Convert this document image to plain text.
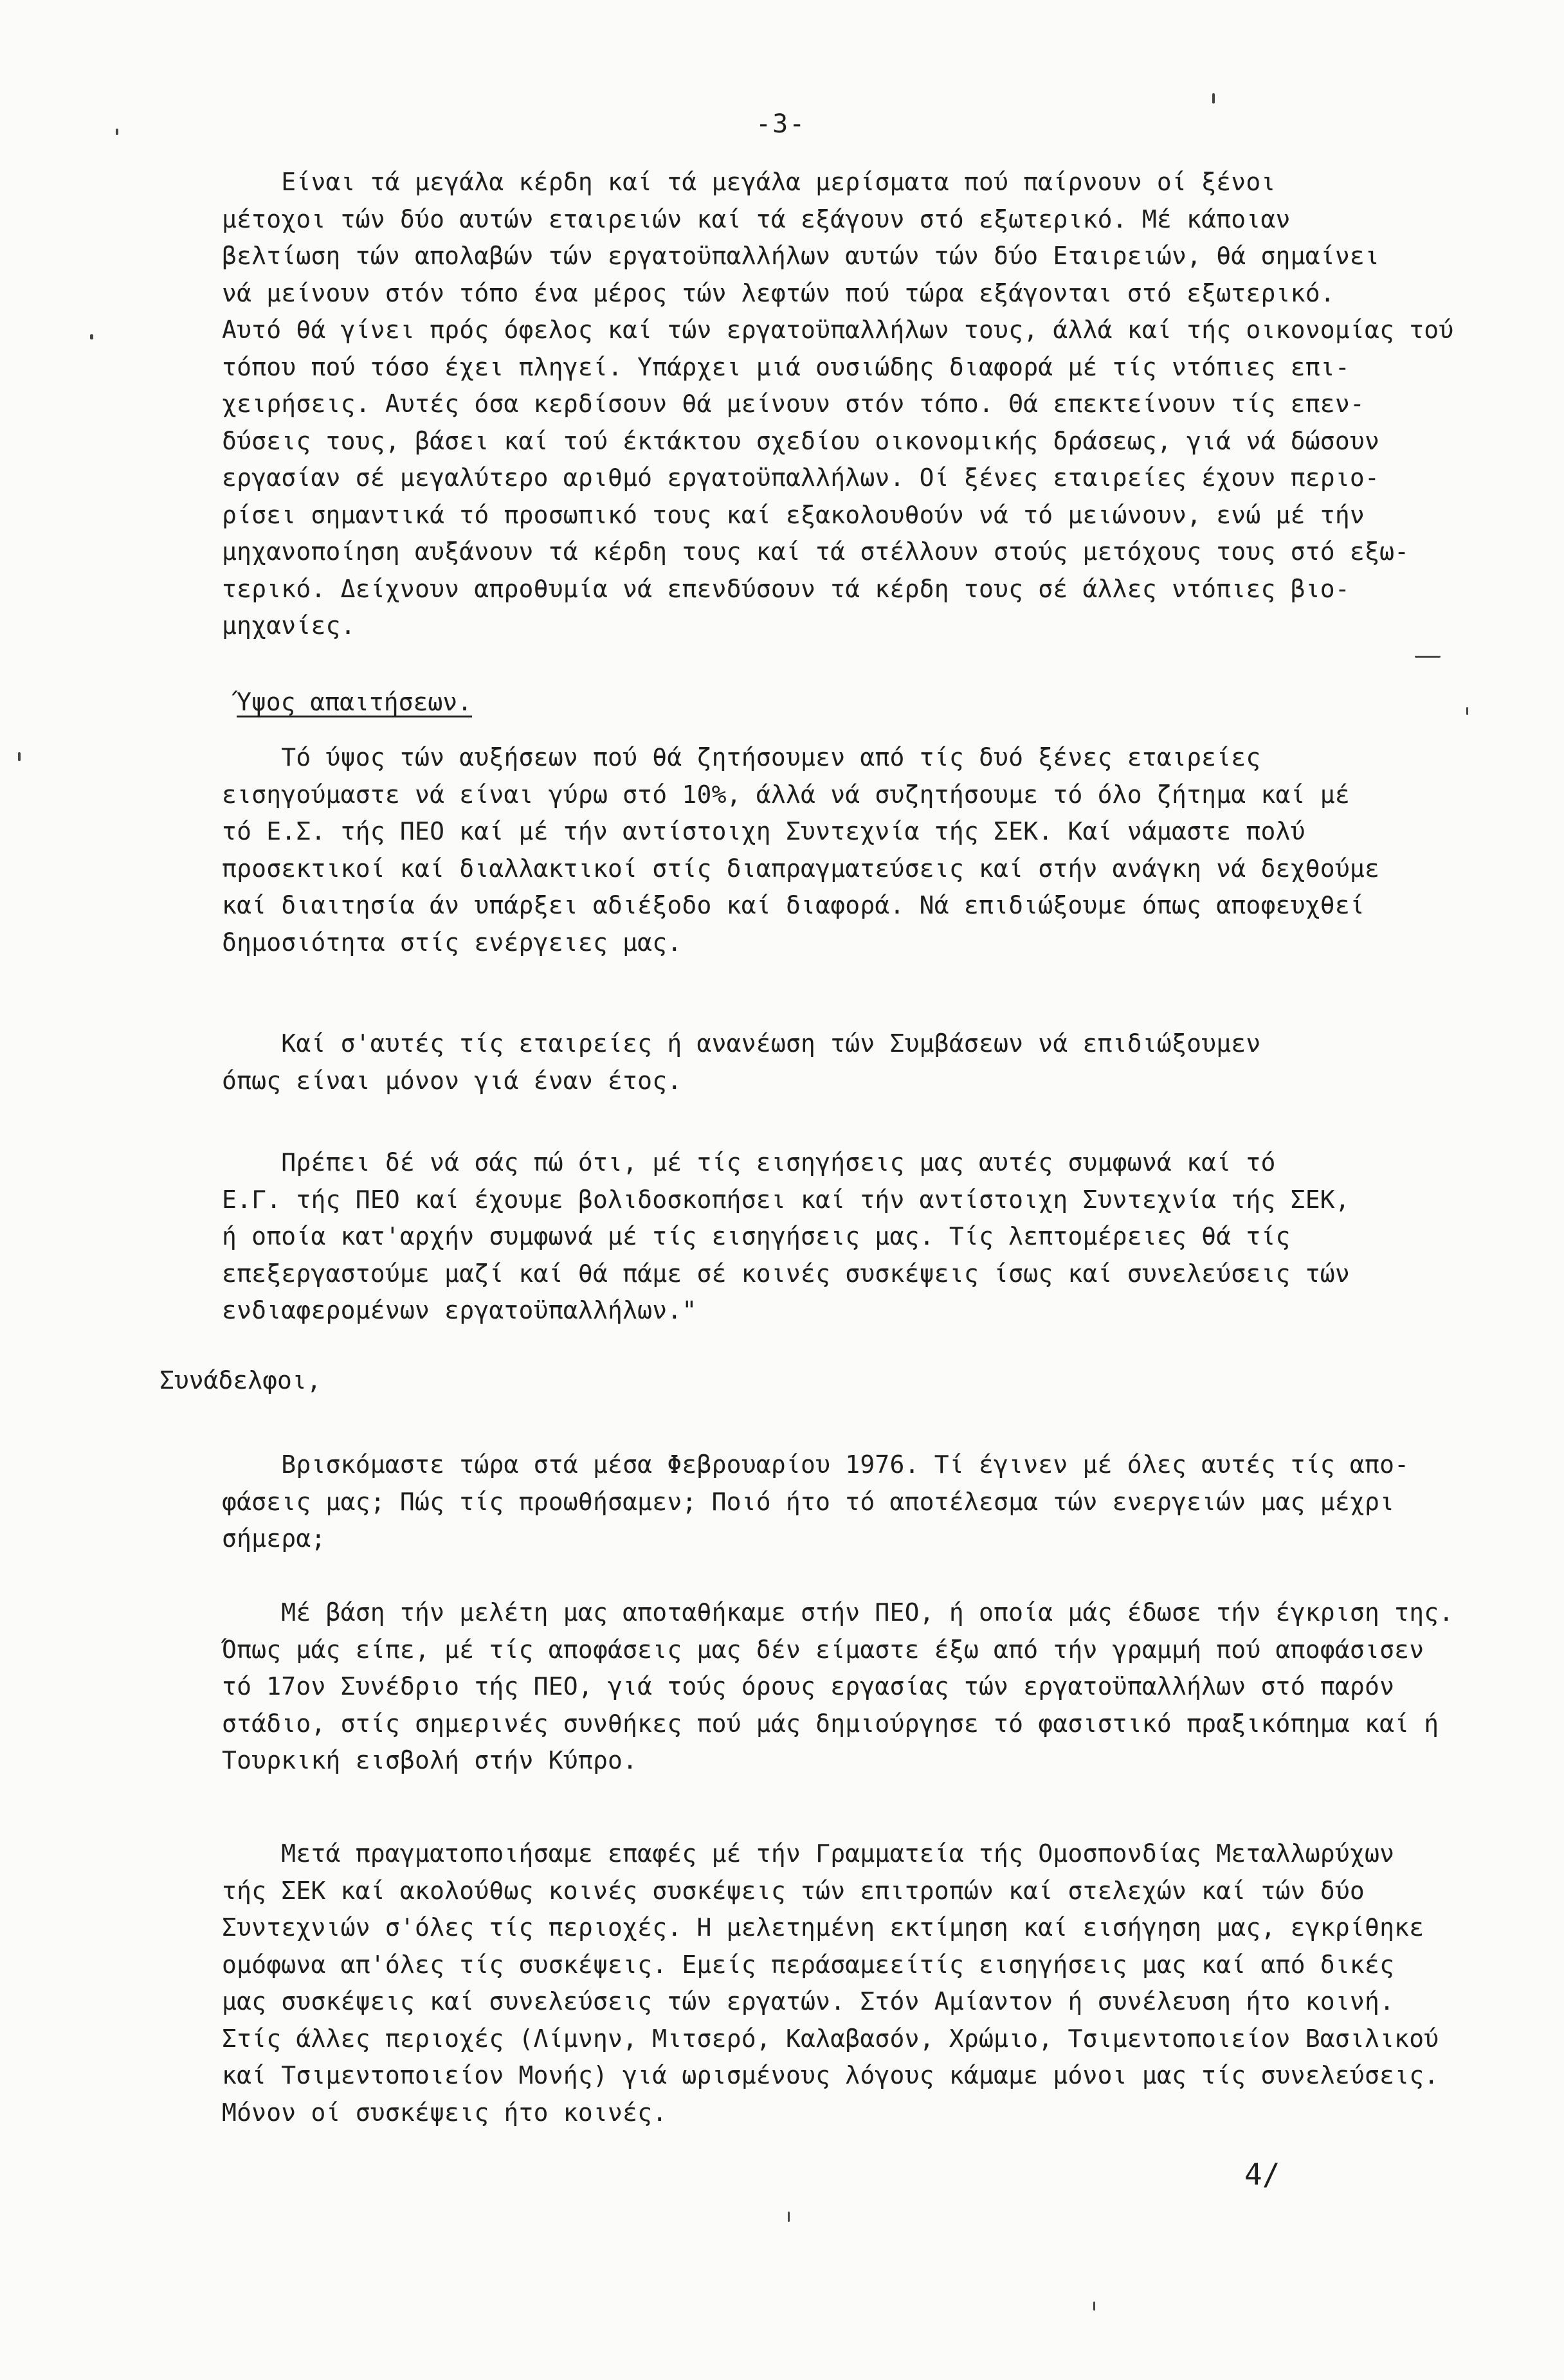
-3-
Είναι τά μεγάλα κέρδη καί τά μεγάλα μερίσματα πού παίρνουν οί ξένοι
μέτοχοι τών δύο αυτών εταιρειών καί τά εξάγουν στό εξωτερικό. Μέ κάποιαν
βελτίωση τών απολαβών τών εργατοϋπαλλήλων αυτών τών δύο Εταιρειών, θά σημαίνει
νά μείνουν στόν τόπο ένα μέρος τών λεφτών πού τώρα εξάγονται στό εξωτερικό.
Αυτό θά γίνει πρός όφελος καί τών εργατοϋπαλλήλων τους, άλλά καί τής οικονομίας τού
τόπου πού τόσο έχει πληγεί. Υπάρχει μιά ουσιώδης διαφορά μέ τίς ντόπιες επι-
χειρήσεις. Αυτές όσα κερδίσουν θά μείνουν στόν τόπο. Θά επεκτείνουν τίς επεν-
δύσεις τους, βάσει καί τού έκτάκτου σχεδίου οικονομικής δράσεως, γιά νά δώσουν
εργασίαν σέ μεγαλύτερο αριθμό εργατοϋπαλλήλων. Οί ξένες εταιρείες έχουν περιο-
ρίσει σημαντικά τό προσωπικό τους καί εξακολουθούν νά τό μειώνουν, ενώ μέ τήν
μηχανοποίηση αυξάνουν τά κέρδη τους καί τά στέλλουν στούς μετόχους τους στό εξω-
τερικό. Δείχνουν απροθυμία νά επενδύσουν τά κέρδη τους σέ άλλες ντόπιες βιο-
μηχανίες.
Ύψος απαιτήσεων.
Τό ύψος τών αυξήσεων πού θά ζητήσουμεν από τίς δυό ξένες εταιρείες
εισηγούμαστε νά είναι γύρω στό 10%, άλλά νά συζητήσουμε τό όλο ζήτημα καί μέ
τό Ε.Σ. τής ΠΕΟ καί μέ τήν αντίστοιχη Συντεχνία τής ΣΕΚ. Καί νάμαστε πολύ
προσεκτικοί καί διαλλακτικοί στίς διαπραγματεύσεις καί στήν ανάγκη νά δεχθούμε
καί διαιτησία άν υπάρξει αδιέξοδο καί διαφορά. Νά επιδιώξουμε όπως αποφευχθεί
δημοσιότητα στίς ενέργειες μας.
Καί σ'αυτές τίς εταιρείες ή ανανέωση τών Συμβάσεων νά επιδιώξουμεν
όπως είναι μόνον γιά έναν έτος.
Πρέπει δέ νά σάς πώ ότι, μέ τίς εισηγήσεις μας αυτές συμφωνά καί τό
Ε.Γ. τής ΠΕΟ καί έχουμε βολιδοσκοπήσει καί τήν αντίστοιχη Συντεχνία τής ΣΕΚ,
ή οποία κατ'αρχήν συμφωνά μέ τίς εισηγήσεις μας. Τίς λεπτομέρειες θά τίς
επεξεργαστούμε μαζί καί θά πάμε σέ κοινές συσκέψεις ίσως καί συνελεύσεις τών
ενδιαφερομένων εργατοϋπαλλήλων."
Συνάδελφοι,
Βρισκόμαστε τώρα στά μέσα Φεβρουαρίου 1976. Τί έγινεν μέ όλες αυτές τίς απο-
φάσεις μας; Πώς τίς προωθήσαμεν; Ποιό ήτο τό αποτέλεσμα τών ενεργειών μας μέχρι
σήμερα;
Μέ βάση τήν μελέτη μας αποταθήκαμε στήν ΠΕΟ, ή οποία μάς έδωσε τήν έγκριση της.
Όπως μάς είπε, μέ τίς αποφάσεις μας δέν είμαστε έξω από τήν γραμμή πού αποφάσισεν
τό 17ον Συνέδριο τής ΠΕΟ, γιά τούς όρους εργασίας τών εργατοϋπαλλήλων στό παρόν
στάδιο, στίς σημερινές συνθήκες πού μάς δημιούργησε τό φασιστικό πραξικόπημα καί ή
Τουρκική εισβολή στήν Κύπρο.
Μετά πραγματοποιήσαμε επαφές μέ τήν Γραμματεία τής Ομοσπονδίας Μεταλλωρύχων
τής ΣΕΚ καί ακολούθως κοινές συσκέψεις τών επιτροπών καί στελεχών καί τών δύο
Συντεχνιών σ'όλες τίς περιοχές. Η μελετημένη εκτίμηση καί εισήγηση μας, εγκρίθηκε
ομόφωνα απ'όλες τίς συσκέψεις. Εμείς περάσαμεείτίς εισηγήσεις μας καί από δικές
μας συσκέψεις καί συνελεύσεις τών εργατών. Στόν Αμίαντον ή συνέλευση ήτο κοινή.
Στίς άλλες περιοχές (Λίμνην, Μιτσερό, Καλαβασόν, Χρώμιο, Τσιμεντοποιείον Βασιλικού
καί Τσιμεντοποιείον Μονής) γιά ωρισμένους λόγους κάμαμε μόνοι μας τίς συνελεύσεις.
Μόνον οί συσκέψεις ήτο κοινές.
4/
